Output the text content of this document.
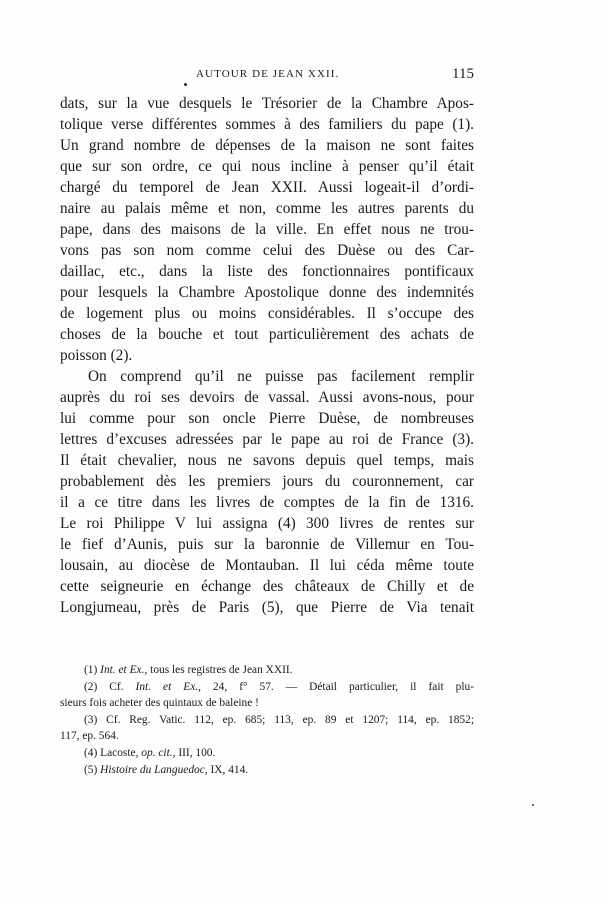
AUTOUR DE JEAN XXII.	115
dats, sur la vue desquels le Trésorier de la Chambre Apos-
tolique verse différentes sommes à des familiers du pape (1).
Un grand nombre de dépenses de la maison ne sont faites
que sur son ordre, ce qui nous incline à penser qu’il était
chargé du temporel de Jean XXII. Aussi logeait-il d’ordi-
naire au palais même et non, comme les autres parents du
pape, dans des maisons de la ville. En effet nous ne trou-
vons pas son nom comme celui des Duèse ou des Car-
daillac, etc., dans la liste des fonctionnaires pontificaux
pour lesquels la Chambre Apostolique donne des indemnités
de logement plus ou moins considérables. Il s’occupe des
choses de la bouche et tout particulièrement des achats de
poisson (2).
On comprend qu’il ne puisse pas facilement remplir
auprès du roi ses devoirs de vassal. Aussi avons-nous, pour
lui comme pour son oncle Pierre Duèse, de nombreuses
lettres d’excuses adressées par le pape au roi de France (3).
Il était chevalier, nous ne savons depuis quel temps, mais
probablement dès les premiers jours du couronnement, car
il a ce titre dans les livres de comptes de la fin de 1316.
Le roi Philippe V lui assigna (4) 300 livres de rentes sur
le fief d’Aunis, puis sur la baronnie de Villemur en Tou-
lousain, au diocèse de Montauban. Il lui céda même toute
cette seigneurie en échange des châteaux de Chilly et de
Longjumeau, près de Paris (5), que Pierre de Via tenait
(1) Int. et Ex., tous les registres de Jean XXII.
(2) Cf. Int. et Ex., 24, f° 57. — Détail particulier, il fait plu-
sieurs fois acheter des quintaux de baleine !
(3) Cf. Reg. Vatic. 112, ep. 685; 113, ep. 89 et 1207; 114, ep. 1852;
117, ep. 564.
(4) Lacoste, op. cit., III, 100.
(5) Histoire du Languedoc, IX, 414.
